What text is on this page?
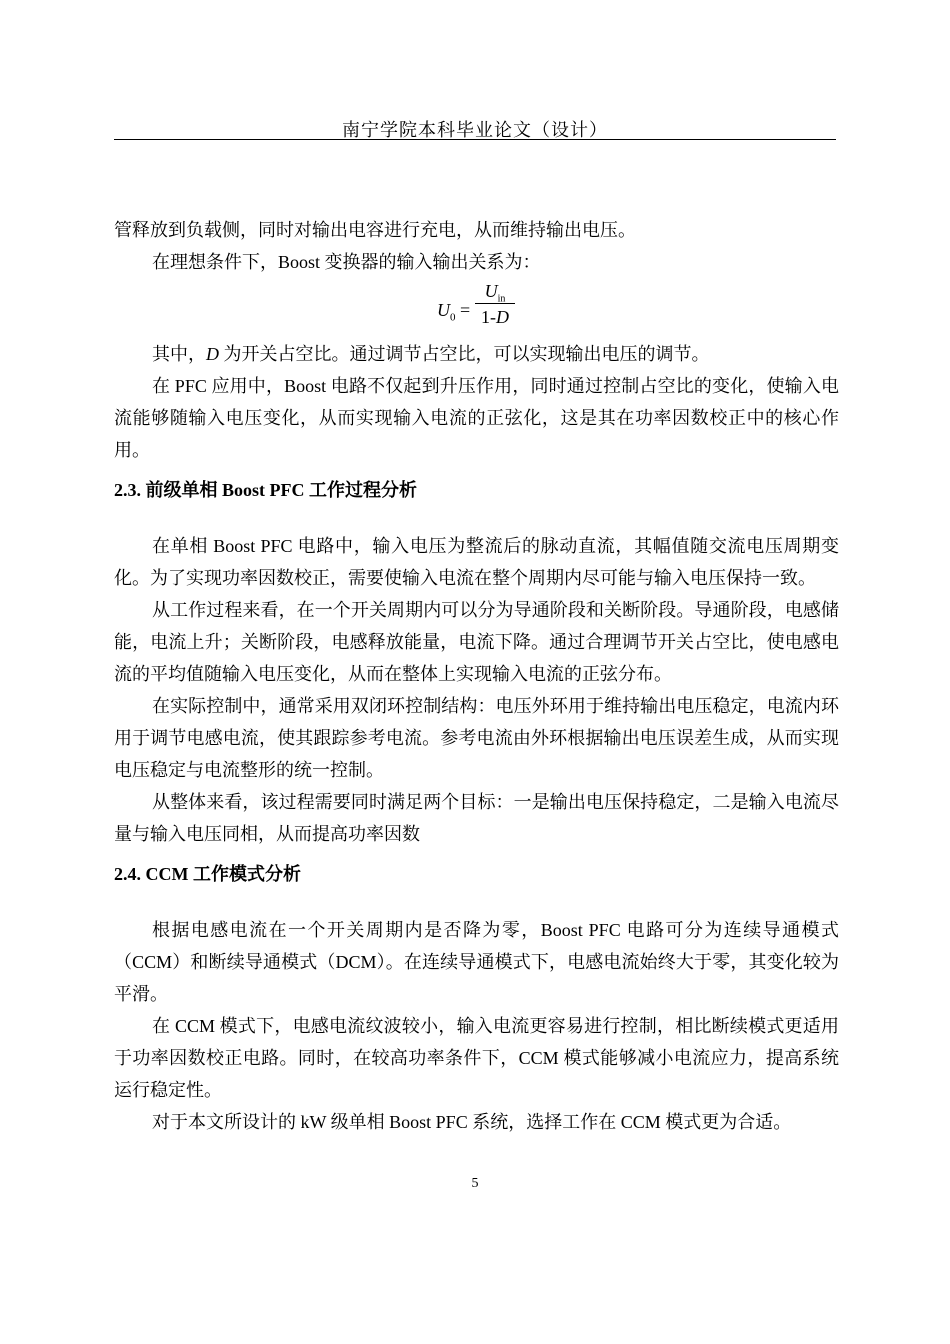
南宁学院本科毕业论文（设计）

管释放到负载侧，同时对输出电容进行充电，从而维持输出电压。

在理想条件下，Boost 变换器的输入输出关系为：

$U_0$ =
$U_{in}$
1-D

其中，D 为开关占空比。通过调节占空比，可以实现输出电压的调节。

在 PFC 应用中，Boost 电路不仅起到升压作用，同时通过控制占空比的变化，使输入电流能够随输入电压变化，从而实现输入电流的正弦化，这是其在功率因数校正中的核心作用。

2.3. 前级单相 Boost PFC 工作过程分析

在单相 Boost PFC 电路中，输入电压为整流后的脉动直流，其幅值随交流电压周期变化。为了实现功率因数校正，需要使输入电流在整个周期内尽可能与输入电压保持一致。

从工作过程来看，在一个开关周期内可以分为导通阶段和关断阶段。导通阶段，电感储能，电流上升；关断阶段，电感释放能量，电流下降。通过合理调节开关占空比，使电感电流的平均值随输入电压变化，从而在整体上实现输入电流的正弦分布。

在实际控制中，通常采用双闭环控制结构：电压外环用于维持输出电压稳定，电流内环用于调节电感电流，使其跟踪参考电流。参考电流由外环根据输出电压误差生成，从而实现电压稳定与电流整形的统一控制。

从整体来看，该过程需要同时满足两个目标：一是输出电压保持稳定，二是输入电流尽量与输入电压同相，从而提高功率因数

2.4. CCM 工作模式分析

根据电感电流在一个开关周期内是否降为零，Boost PFC 电路可分为连续导通模式（CCM）和断续导通模式（DCM）。在连续导通模式下，电感电流始终大于零，其变化较为平滑。

在 CCM 模式下，电感电流纹波较小，输入电流更容易进行控制，相比断续模式更适用于功率因数校正电路。同时，在较高功率条件下，CCM 模式能够减小电流应力，提高系统运行稳定性。

对于本文所设计的 kW 级单相 Boost PFC 系统，选择工作在 CCM 模式更为合适。

5
